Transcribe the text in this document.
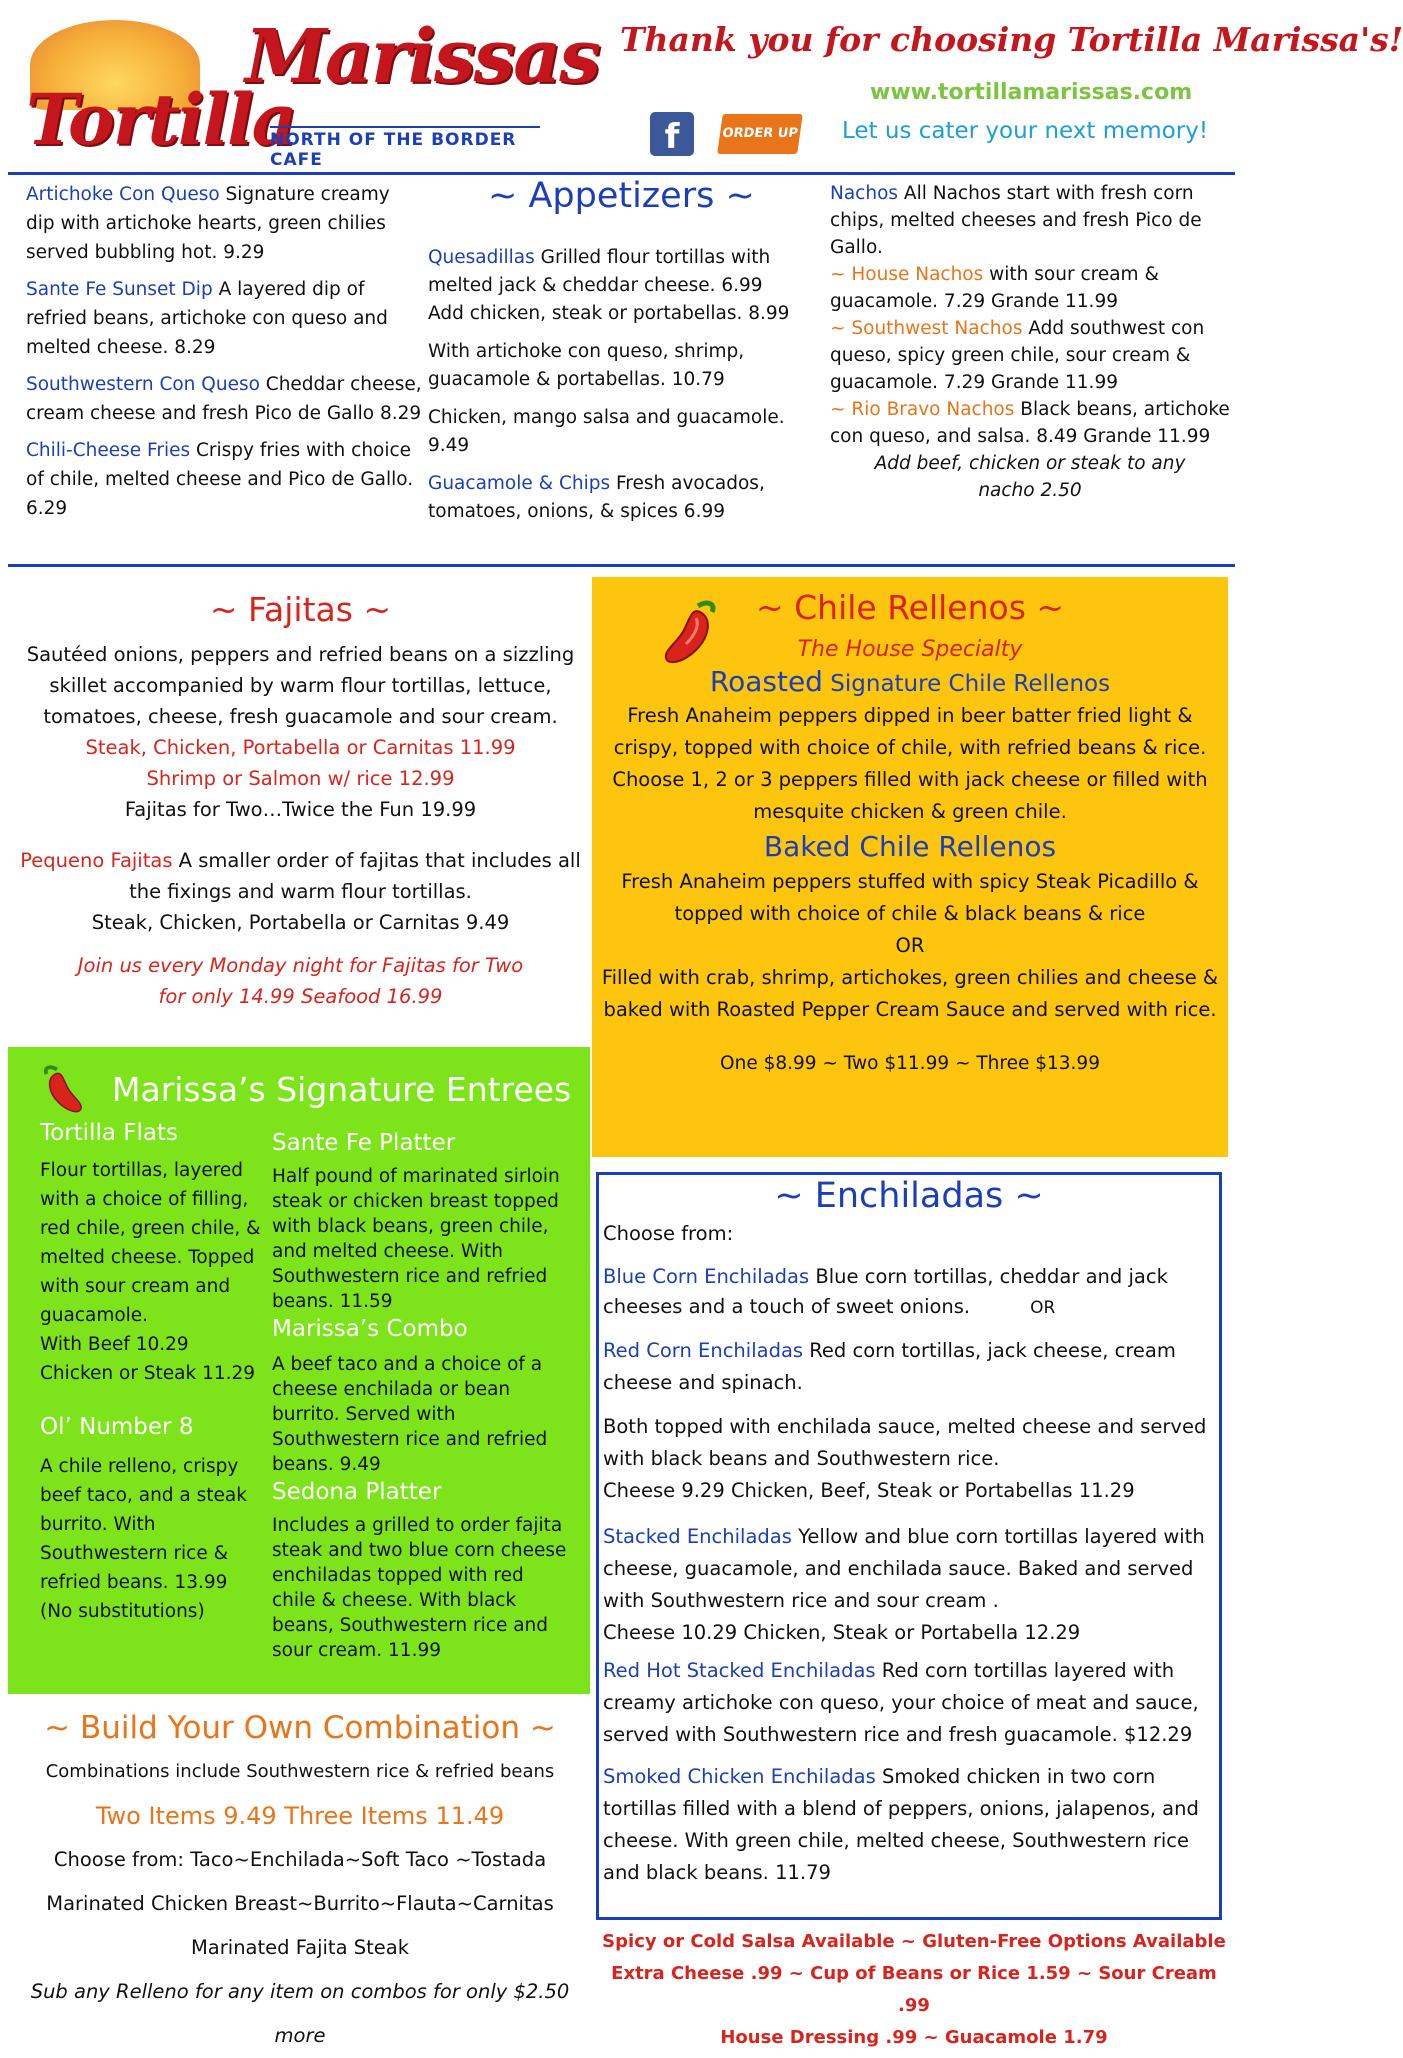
Tortilla
Marissas
NORTH OF THE BORDER CAFE
Thank you for choosing Tortilla Marissa's!
www.tortillamarissas.com
f	ORDER UP Let us cater your next memory!
~ Appetizers ~

Artichoke Con Queso Signature creamy dip with artichoke hearts, green chilies served bubbling hot. 9.29

Sante Fe Sunset Dip A layered dip of refried beans, artichoke con queso and melted cheese. 8.29

Southwestern Con Queso Cheddar cheese, cream cheese and fresh Pico de Gallo 8.29

Chili-Cheese Fries Crispy fries with choice of chile, melted cheese and Pico de Gallo. 6.29

Quesadillas Grilled flour tortillas with melted jack & cheddar cheese. 6.99 Add chicken, steak or portabellas. 8.99

With artichoke con queso, shrimp, guacamole & portabellas. 10.79

Chicken, mango salsa and guacamole. 9.49

Guacamole & Chips Fresh avocados, tomatoes, onions, & spices 6.99

Nachos All Nachos start with fresh corn chips, melted cheeses and fresh Pico de Gallo.

~ House Nachos with sour cream & guacamole. 7.29 Grande 11.99

~ Southwest Nachos Add southwest con queso, spicy green chile, sour cream & guacamole. 7.29 Grande 11.99

~ Rio Bravo Nachos Black beans, artichoke con queso, and salsa. 8.49 Grande 11.99

Add beef, chicken or steak to any nacho 2.50

~ Fajitas ~

Sautéed onions, peppers and refried beans on a sizzling skillet accompanied by warm flour tortillas, lettuce, tomatoes, cheese, fresh guacamole and sour cream.

Steak, Chicken, Portabella or Carnitas 11.99

Shrimp or Salmon w/ rice 12.99

Fajitas for Two…Twice the Fun 19.99

Pequeno Fajitas A smaller order of fajitas that includes all the fixings and warm flour tortillas.

Steak, Chicken, Portabella or Carnitas 9.49

Join us every Monday night for Fajitas for Two

for only 14.99 Seafood 16.99

~ Chile Rellenos ~

The House Specialty

Roasted Signature Chile Rellenos

Fresh Anaheim peppers dipped in beer batter fried light & crispy, topped with choice of chile, with refried beans & rice. Choose 1, 2 or 3 peppers filled with jack cheese or filled with mesquite chicken & green chile.

Baked Chile Rellenos

Fresh Anaheim peppers stuffed with spicy Steak Picadillo & topped with choice of chile & black beans & rice

OR

Filled with crab, shrimp, artichokes, green chilies and cheese & baked with Roasted Pepper Cream Sauce and served with rice.

One $8.99 ~ Two $11.99 ~ Three $13.99

Marissa’s Signature Entrees

Tortilla Flats

Flour tortillas, layered with a choice of filling, red chile, green chile, & melted cheese. Topped with sour cream and guacamole.

With Beef 10.29

Chicken or Steak 11.29

Ol’ Number 8

A chile relleno, crispy beef taco, and a steak burrito. With Southwestern rice & refried beans. 13.99

(No substitutions)

Sante Fe Platter

Half pound of marinated sirloin steak or chicken breast topped with black beans, green chile, and melted cheese. With Southwestern rice and refried beans. 11.59

Marissa’s Combo

A beef taco and a choice of a cheese enchilada or bean burrito. Served with Southwestern rice and refried beans. 9.49

Sedona Platter

Includes a grilled to order fajita steak and two blue corn cheese enchiladas topped with red chile & cheese. With black beans, Southwestern rice and sour cream. 11.99

~ Enchiladas ~

Choose from:

Blue Corn Enchiladas Blue corn tortillas, cheddar and jack cheeses and a touch of sweet onions.	OR

Red Corn Enchiladas Red corn tortillas, jack cheese, cream cheese and spinach.

Both topped with enchilada sauce, melted cheese and served with black beans and Southwestern rice.

Cheese 9.29 Chicken, Beef, Steak or Portabellas 11.29

Stacked Enchiladas Yellow and blue corn tortillas layered with cheese, guacamole, and enchilada sauce. Baked and served with Southwestern rice and sour cream .

Cheese 10.29 Chicken, Steak or Portabella 12.29

Red Hot Stacked Enchiladas Red corn tortillas layered with creamy artichoke con queso, your choice of meat and sauce, served with Southwestern rice and fresh guacamole. $12.29

Smoked Chicken Enchiladas Smoked chicken in two corn tortillas filled with a blend of peppers, onions, jalapenos, and cheese. With green chile, melted cheese, Southwestern rice and black beans. 11.79

~ Build Your Own Combination ~

Combinations include Southwestern rice & refried beans

Two Items 9.49 Three Items 11.49

Choose from: Taco~Enchilada~Soft Taco ~Tostada

Marinated Chicken Breast~Burrito~Flauta~Carnitas

Marinated Fajita Steak

Sub any Relleno for any item on combos for only $2.50 more

Spicy or Cold Salsa Available ~ Gluten-Free Options Available

Extra Cheese .99 ~ Cup of Beans or Rice 1.59 ~ Sour Cream .99

House Dressing .99 ~ Guacamole 1.79
